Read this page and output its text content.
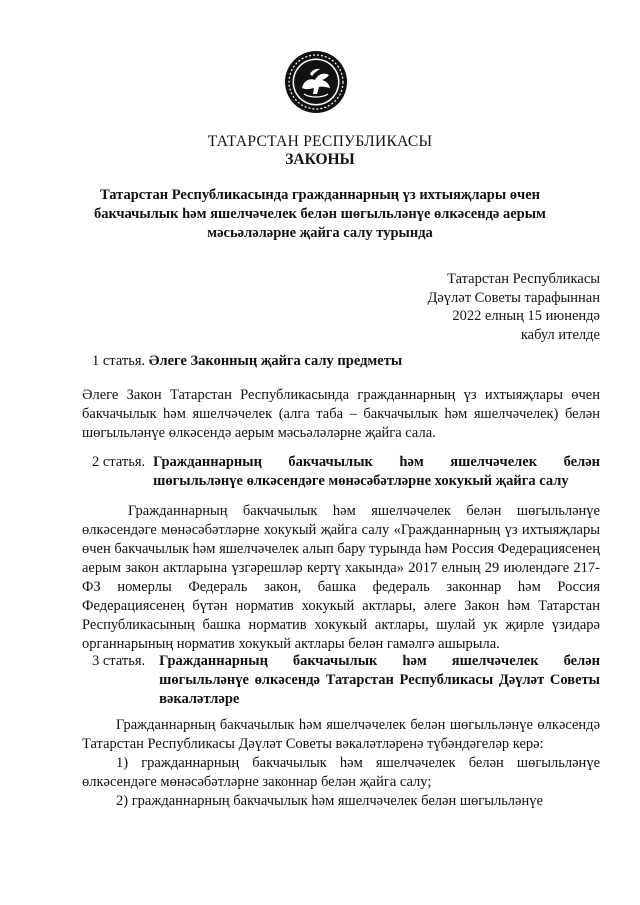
ТАТАРСТАН РЕСПУБЛИКАСЫ
ЗАКОНЫ
Татарстан Республикасында гражданнарның үз ихтыяҗлары өчен бакчачылык һәм яшелчәчелек белән шөгыльләнүе өлкәсендә аерым мәсьәләләрне җайга салу турында
Татарстан Республикасы
Дәүләт Советы тарафыннан
2022 елның 15 июнендә
кабул ителде
1 статья. Әлеге Законның җайга салу предметы
Әлеге Закон Татарстан Республикасында гражданнарның үз ихтыяҗлары өчен бакчачылык һәм яшелчәчелек (алга таба – бакчачылык һәм яшелчәчелек) белән шөгыльләнүе өлкәсендә аерым мәсьәләләрне җайга сала.
2 статья. Гражданнарның бакчачылык һәм яшелчәчелек белән шөгыльләнүе өлкәсендәге мөнәсәбәтләрне хокукый җайга салу
Гражданнарның бакчачылык һәм яшелчәчелек белән шөгыльләнүе өлкәсендәге мөнәсәбәтләрне хокукый җайга салу «Гражданнарның үз ихтыяҗлары өчен бакчачылык һәм яшелчәчелек алып бару турында һәм Россия Федерациясенең аерым закон актларына үзгәрешләр кертү хакында» 2017 елның 29 июлендәге 217-ФЗ номерлы Федераль закон, башка федераль законнар һәм Россия Федерациясенең бүтән норматив хокукый актлары, әлеге Закон һәм Татарстан Республикасының башка норматив хокукый актлары, шулай ук җирле үзидарә органнарының норматив хокукый актлары белән гамәлгә ашырыла.
3 статья. Гражданнарның бакчачылык һәм яшелчәчелек белән шөгыльләнүе өлкәсендә Татарстан Республикасы Дәүләт Советы вәкаләтләре
Гражданнарның бакчачылык һәм яшелчәчелек белән шөгыльләнүе өлкәсендә Татарстан Республикасы Дәүләт Советы вәкаләтләренә түбәндәгеләр керә:
1) гражданнарның бакчачылык һәм яшелчәчелек белән шөгыльләнүе өлкәсендәге мөнәсәбәтләрне законнар белән җайга салу;
2) гражданнарның бакчачылык һәм яшелчәчелек белән шөгыльләнүе
